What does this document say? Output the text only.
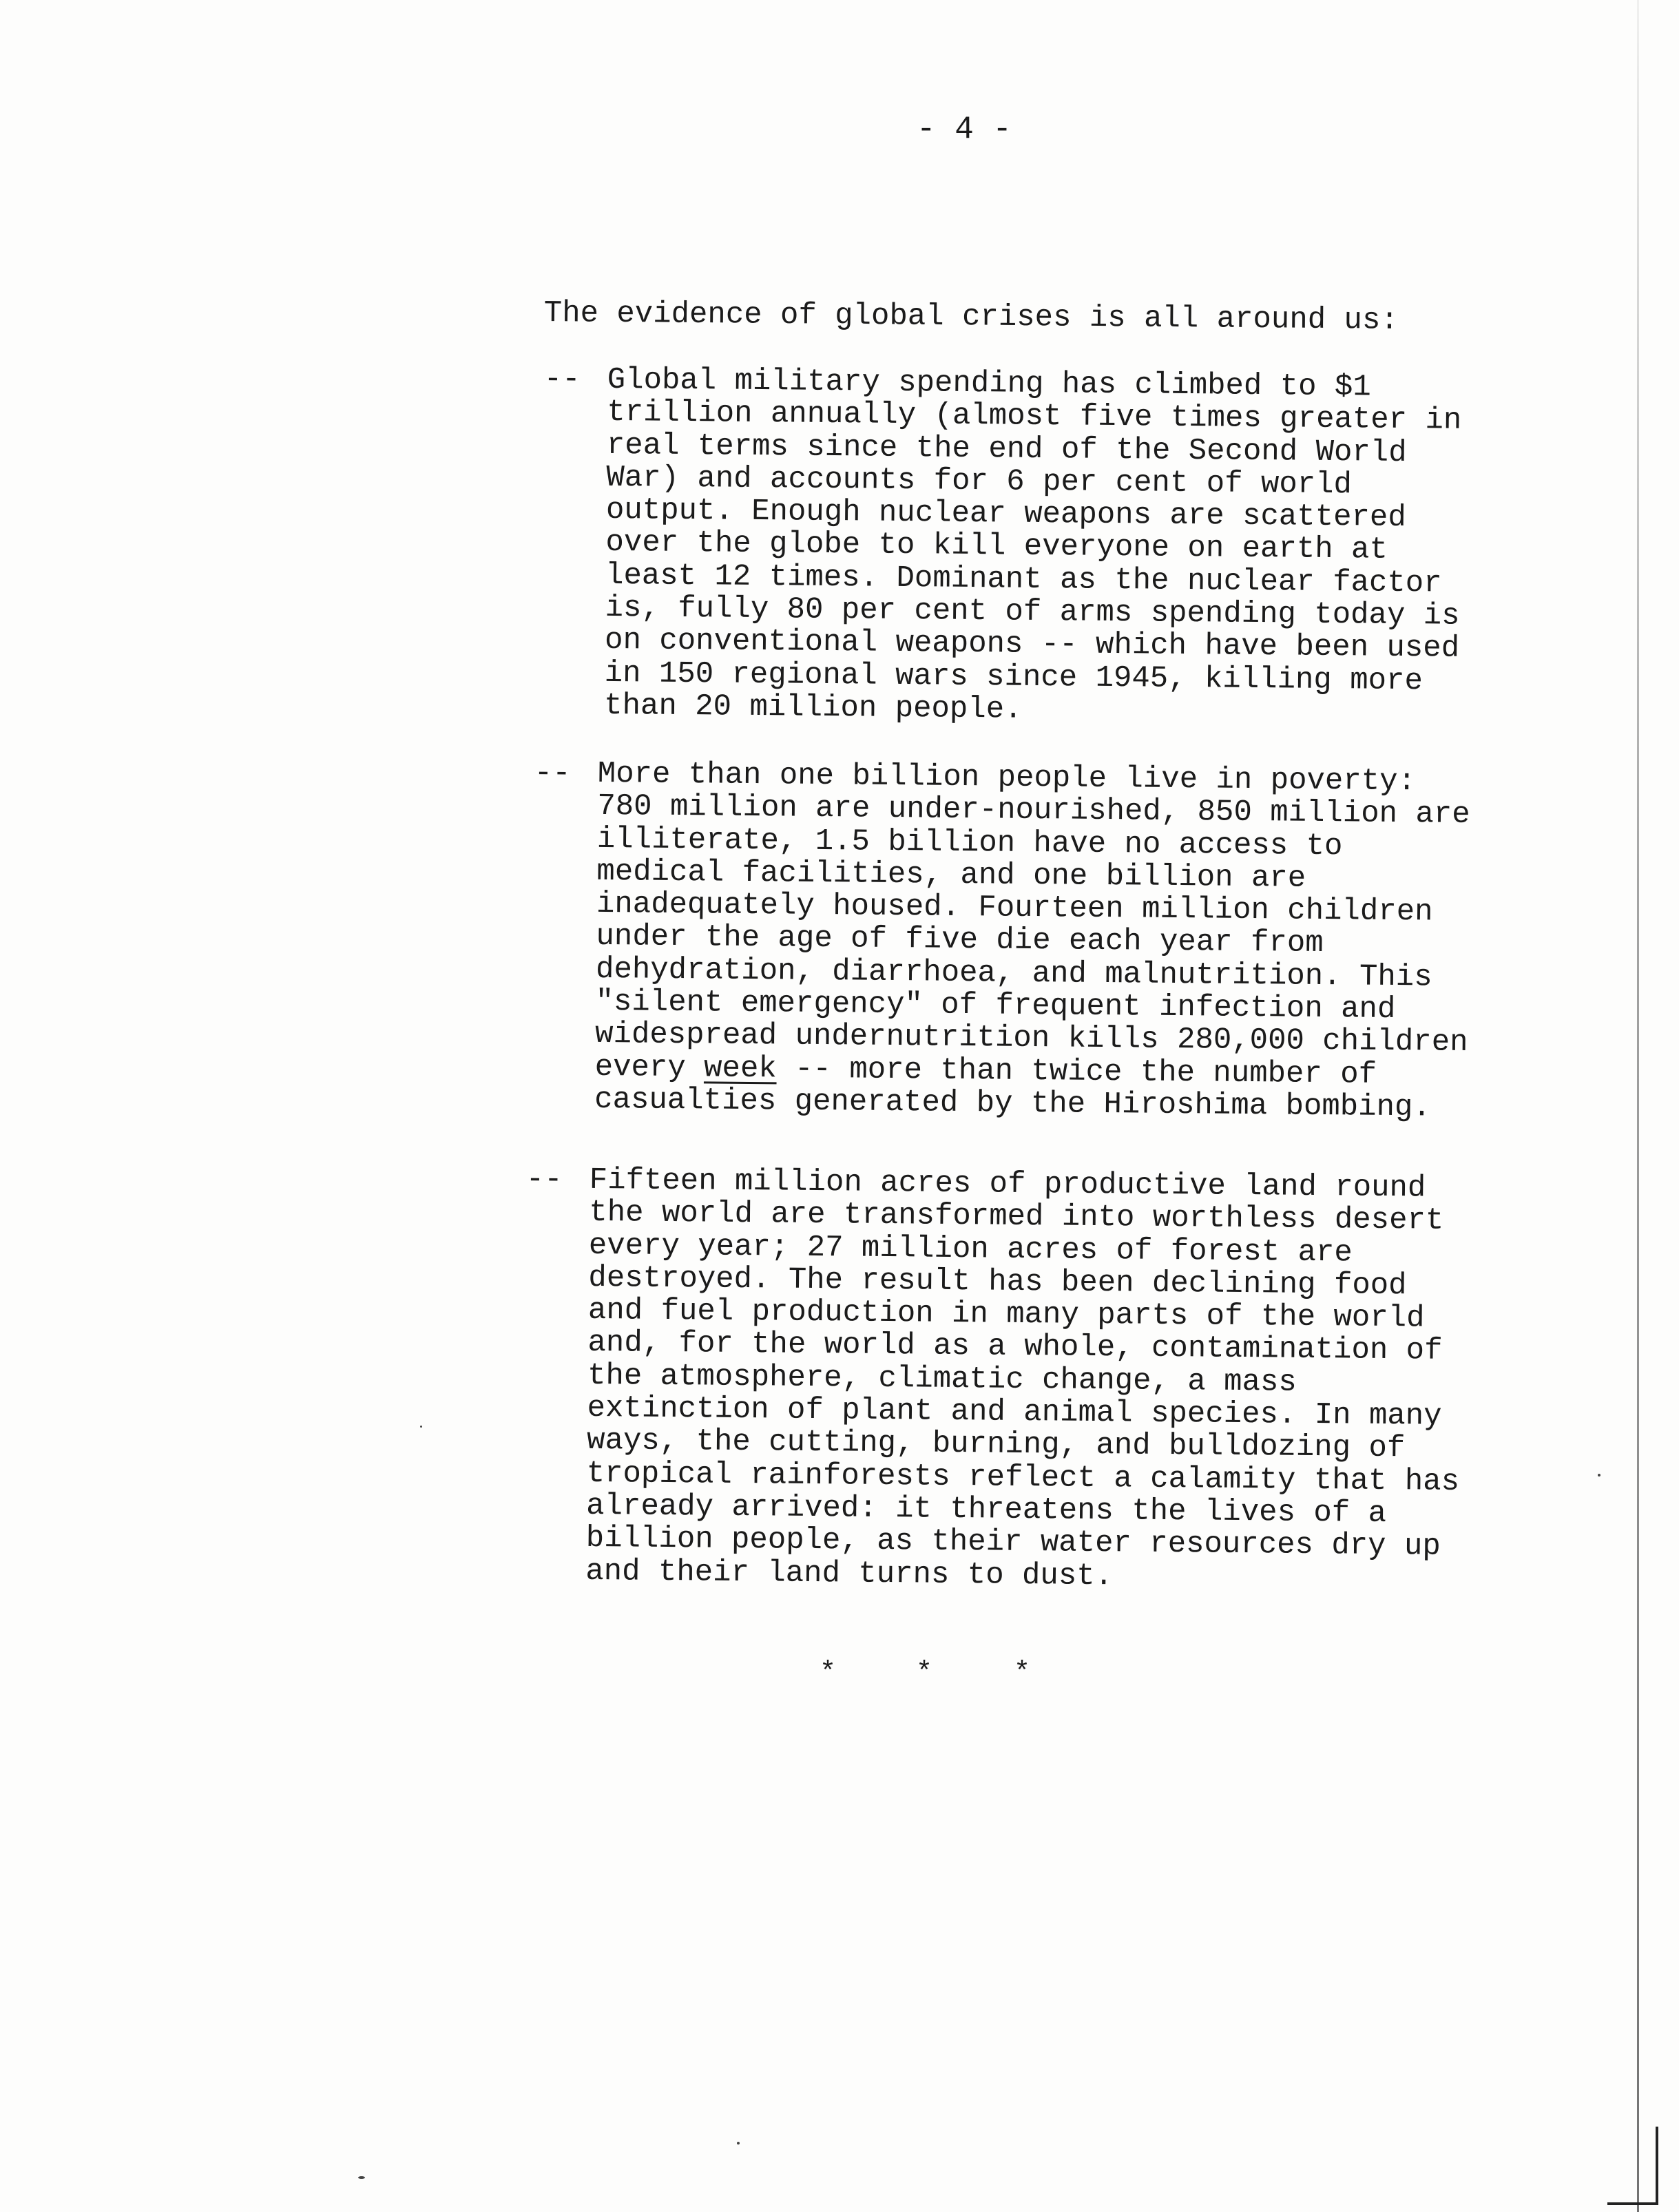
- 4 -
The evidence of global crises is all around us:
-- Global military spending has climbed to $1
trillion annually (almost five times greater in
real terms since the end of the Second World
War) and accounts for 6 per cent of world
output. Enough nuclear weapons are scattered
over the globe to kill everyone on earth at
least 12 times. Dominant as the nuclear factor
is, fully 80 per cent of arms spending today is
on conventional weapons -- which have been used
in 150 regional wars since 1945, killing more
than 20 million people.
-- More than one billion people live in poverty:
780 million are under-nourished, 850 million are
illiterate, 1.5 billion have no access to
medical facilities, and one billion are
inadequately housed. Fourteen million children
under the age of five die each year from
dehydration, diarrhoea, and malnutrition. This
"silent emergency" of frequent infection and
widespread undernutrition kills 280,000 children
every week -- more than twice the number of
casualties generated by the Hiroshima bombing.
-- Fifteen million acres of productive land round
the world are transformed into worthless desert
every year; 27 million acres of forest are
destroyed. The result has been declining food
and fuel production in many parts of the world
and, for the world as a whole, contamination of
the atmosphere, climatic change, a mass
extinction of plant and animal species. In many
ways, the cutting, burning, and bulldozing of
tropical rainforests reflect a calamity that has
already arrived: it threatens the lives of a
billion people, as their water resources dry up
and their land turns to dust.
*	*	*
